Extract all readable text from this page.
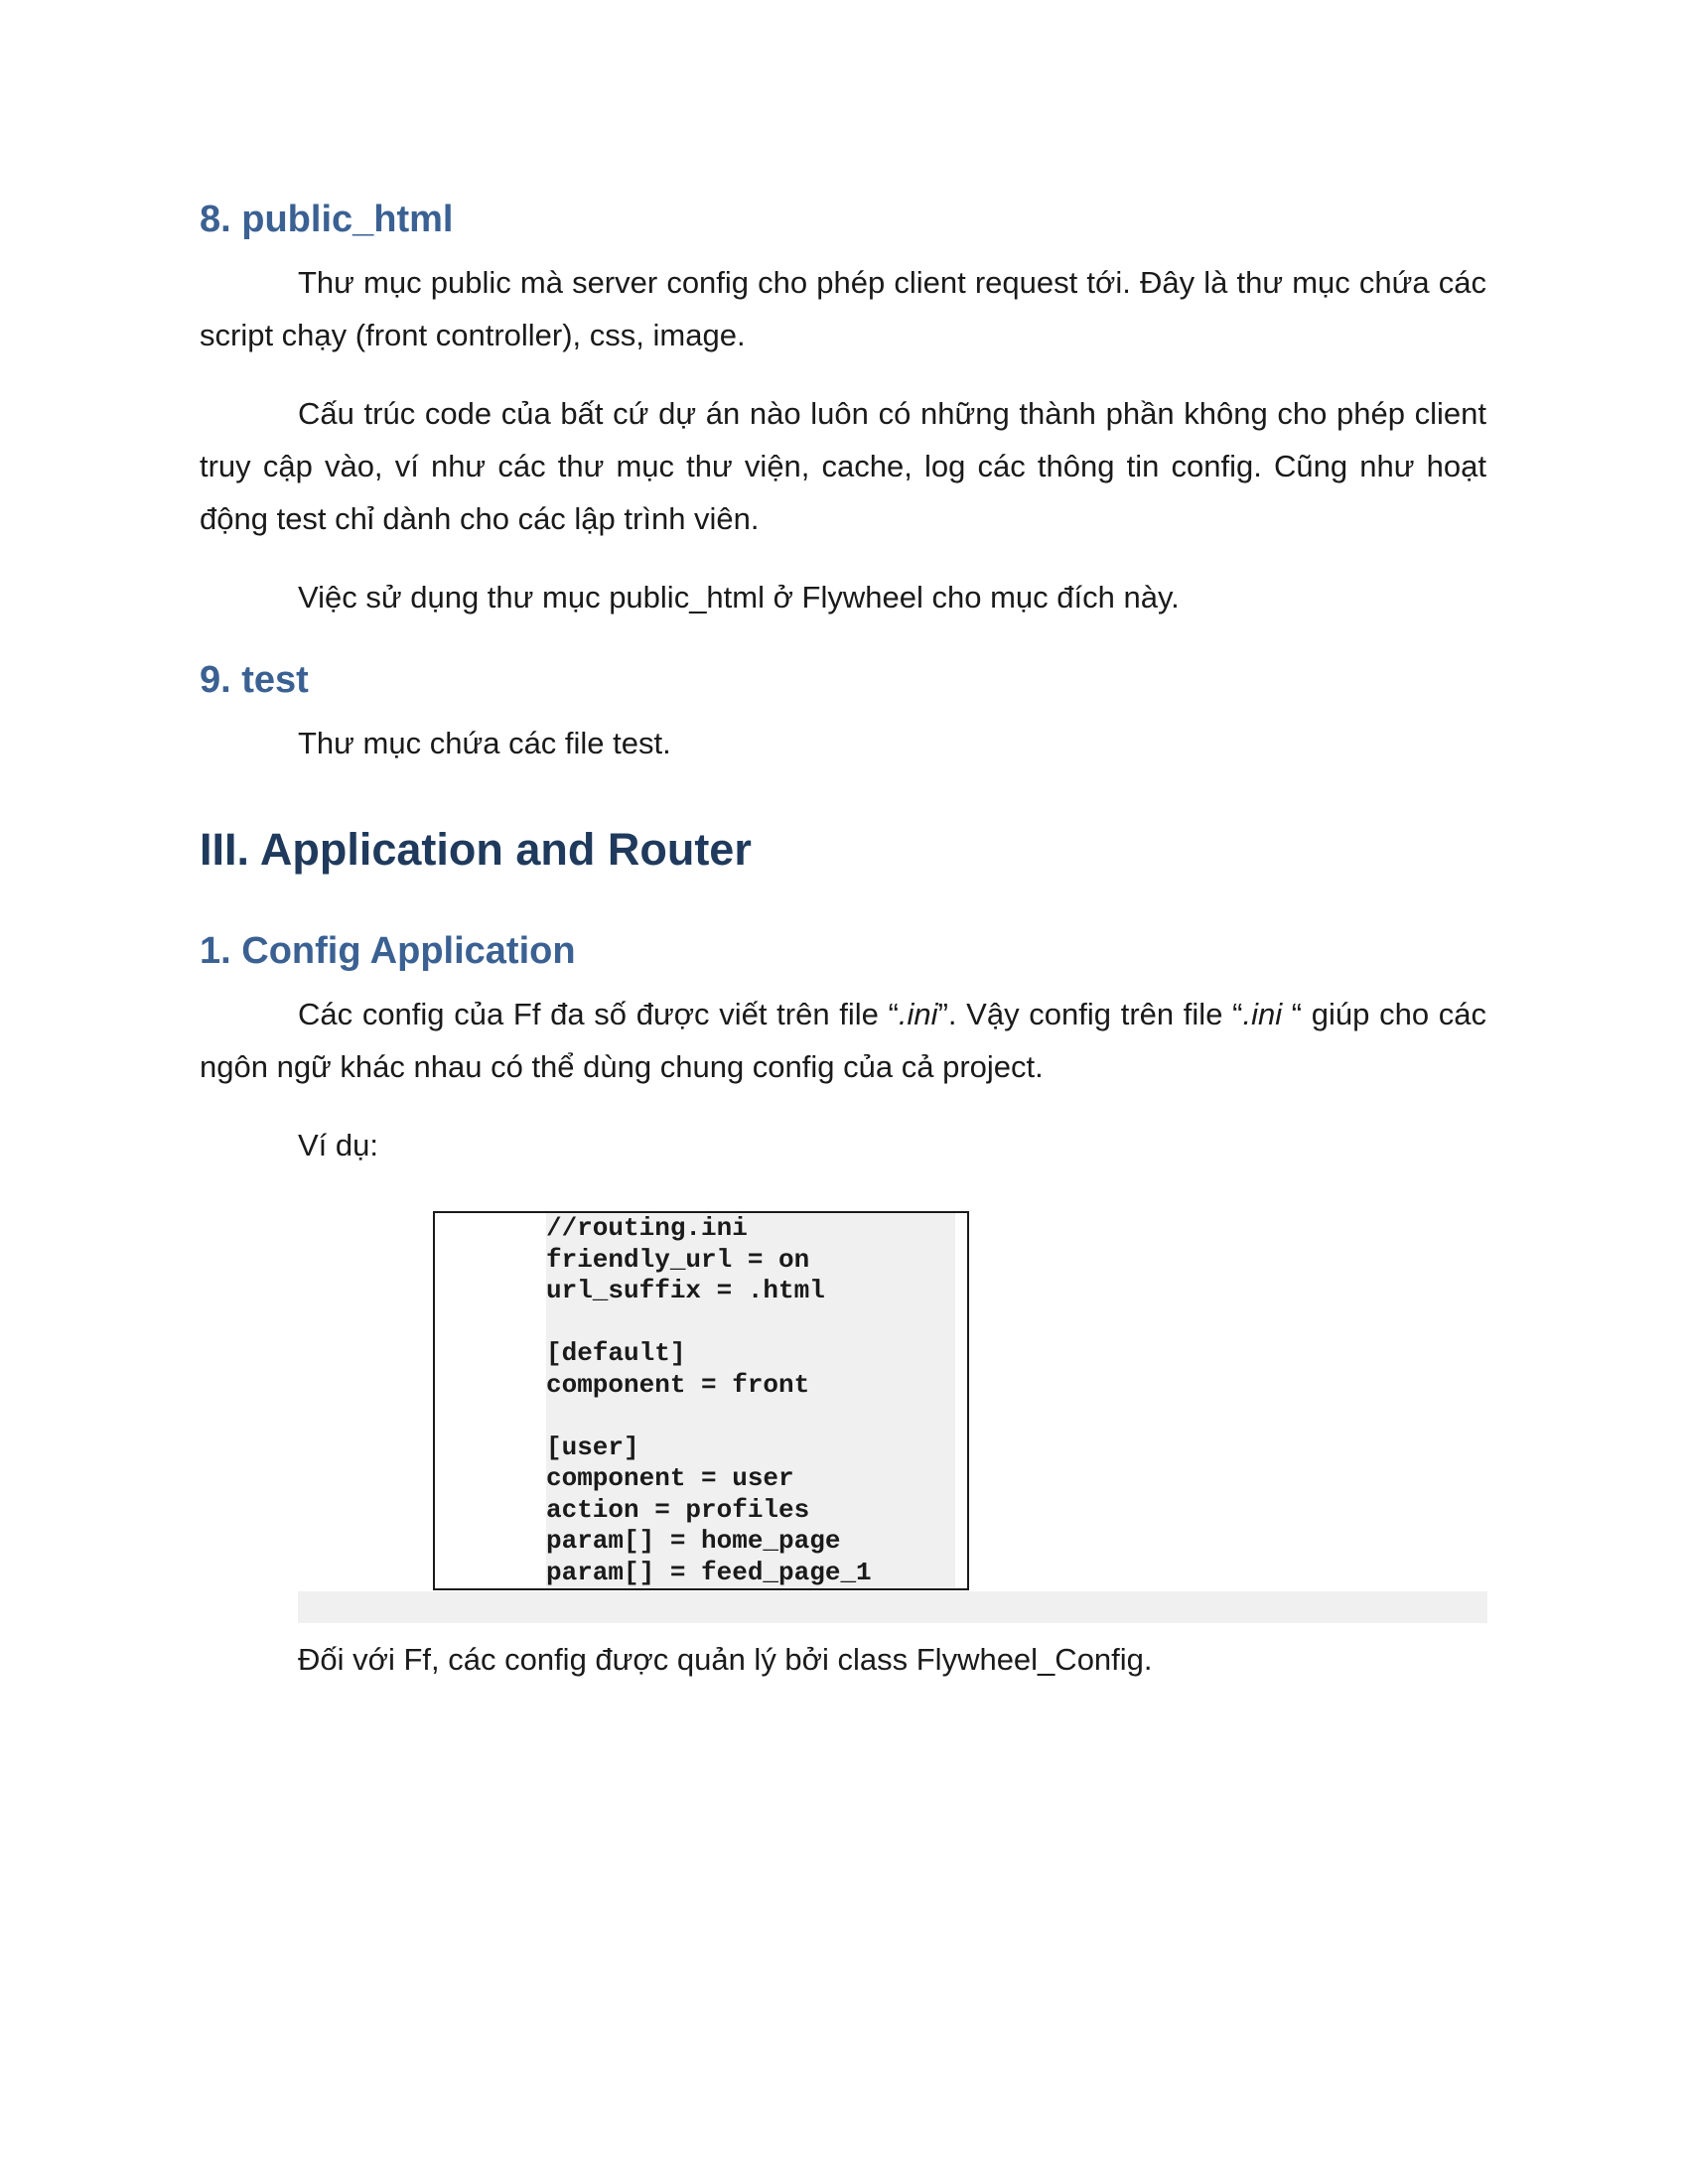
8. public_html

Thư mục public mà server config cho phép client request tới. Đây là thư mục chứa các script chạy (front controller), css, image.

Cấu trúc code của bất cứ dự án nào luôn có những thành phần không cho phép client truy cập vào, ví như các thư mục thư viện, cache, log các thông tin config. Cũng như hoạt động test chỉ dành cho các lập trình viên.

Việc sử dụng thư mục public_html ở Flywheel cho mục đích này.

9. test

Thư mục chứa các file test.

III. Application and Router
1. Config Application

Các config của Ff đa số được viết trên file “.ini”. Vậy config trên file “.ini “ giúp cho các ngôn ngữ khác nhau có thể dùng chung config của cả project.

Ví dụ:

//routing.ini
friendly_url = on
url_suffix = .html
[default]
component = front
[user]
component = user
action = profiles
param[] = home_page
param[] = feed_page_1

Đối với Ff, các config được quản lý bởi class Flywheel_Config.
